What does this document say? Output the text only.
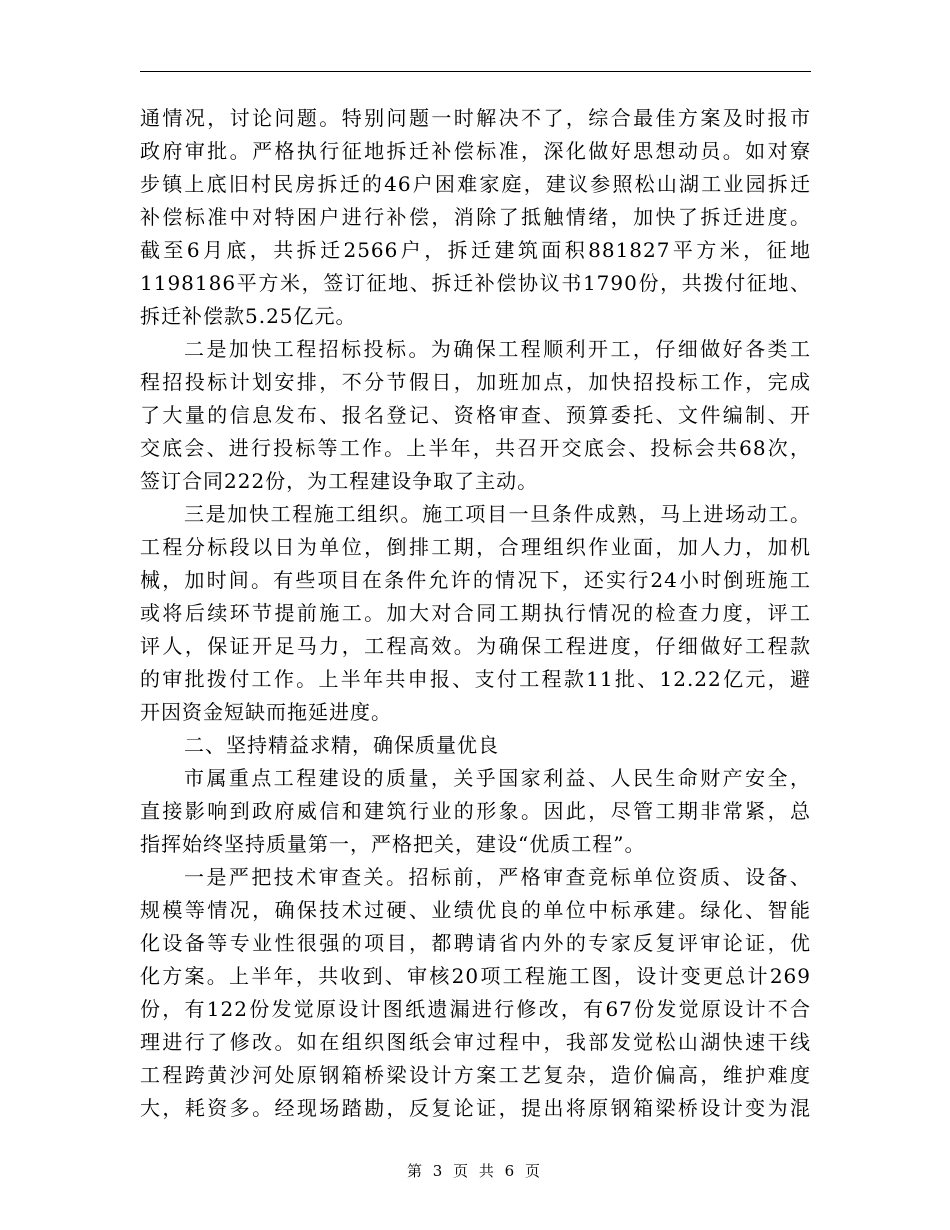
通情况，讨论问题。特别问题一时解决不了，综合最佳方案及时报市
政府审批。严格执行征地拆迁补偿标准，深化做好思想动员。如对寮
步镇上底旧村民房拆迁的46户困难家庭，建议参照松山湖工业园拆迁
补偿标准中对特困户进行补偿，消除了抵触情绪，加快了拆迁进度。
截至6月底，共拆迁2566户，拆迁建筑面积881827平方米，征地
1198186平方米，签订征地、拆迁补偿协议书1790份，共拨付征地、
拆迁补偿款5.25亿元。
二是加快工程招标投标。为确保工程顺利开工，仔细做好各类工
程招投标计划安排，不分节假日，加班加点，加快招投标工作，完成
了大量的信息发布、报名登记、资格审查、预算委托、文件编制、开
交底会、进行投标等工作。上半年，共召开交底会、投标会共68次，
签订合同222份，为工程建设争取了主动。
三是加快工程施工组织。施工项目一旦条件成熟，马上进场动工。
工程分标段以日为单位，倒排工期，合理组织作业面，加人力，加机
械，加时间。有些项目在条件允许的情况下，还实行24小时倒班施工
或将后续环节提前施工。加大对合同工期执行情况的检查力度，评工
评人，保证开足马力，工程高效。为确保工程进度，仔细做好工程款
的审批拨付工作。上半年共申报、支付工程款11批、12.22亿元，避
开因资金短缺而拖延进度。
二、坚持精益求精，确保质量优良
市属重点工程建设的质量，关乎国家利益、人民生命财产安全，
直接影响到政府威信和建筑行业的形象。因此，尽管工期非常紧，总
指挥始终坚持质量第一，严格把关，建设“优质工程”。
一是严把技术审查关。招标前，严格审查竞标单位资质、设备、
规模等情况，确保技术过硬、业绩优良的单位中标承建。绿化、智能
化设备等专业性很强的项目，都聘请省内外的专家反复评审论证，优
化方案。上半年，共收到、审核20项工程施工图，设计变更总计269
份，有122份发觉原设计图纸遗漏进行修改，有67份发觉原设计不合
理进行了修改。如在组织图纸会审过程中，我部发觉松山湖快速干线
工程跨黄沙河处原钢箱桥梁设计方案工艺复杂，造价偏高，维护难度
大，耗资多。经现场踏勘，反复论证，提出将原钢箱梁桥设计变为混
第 3 页 共 6 页
